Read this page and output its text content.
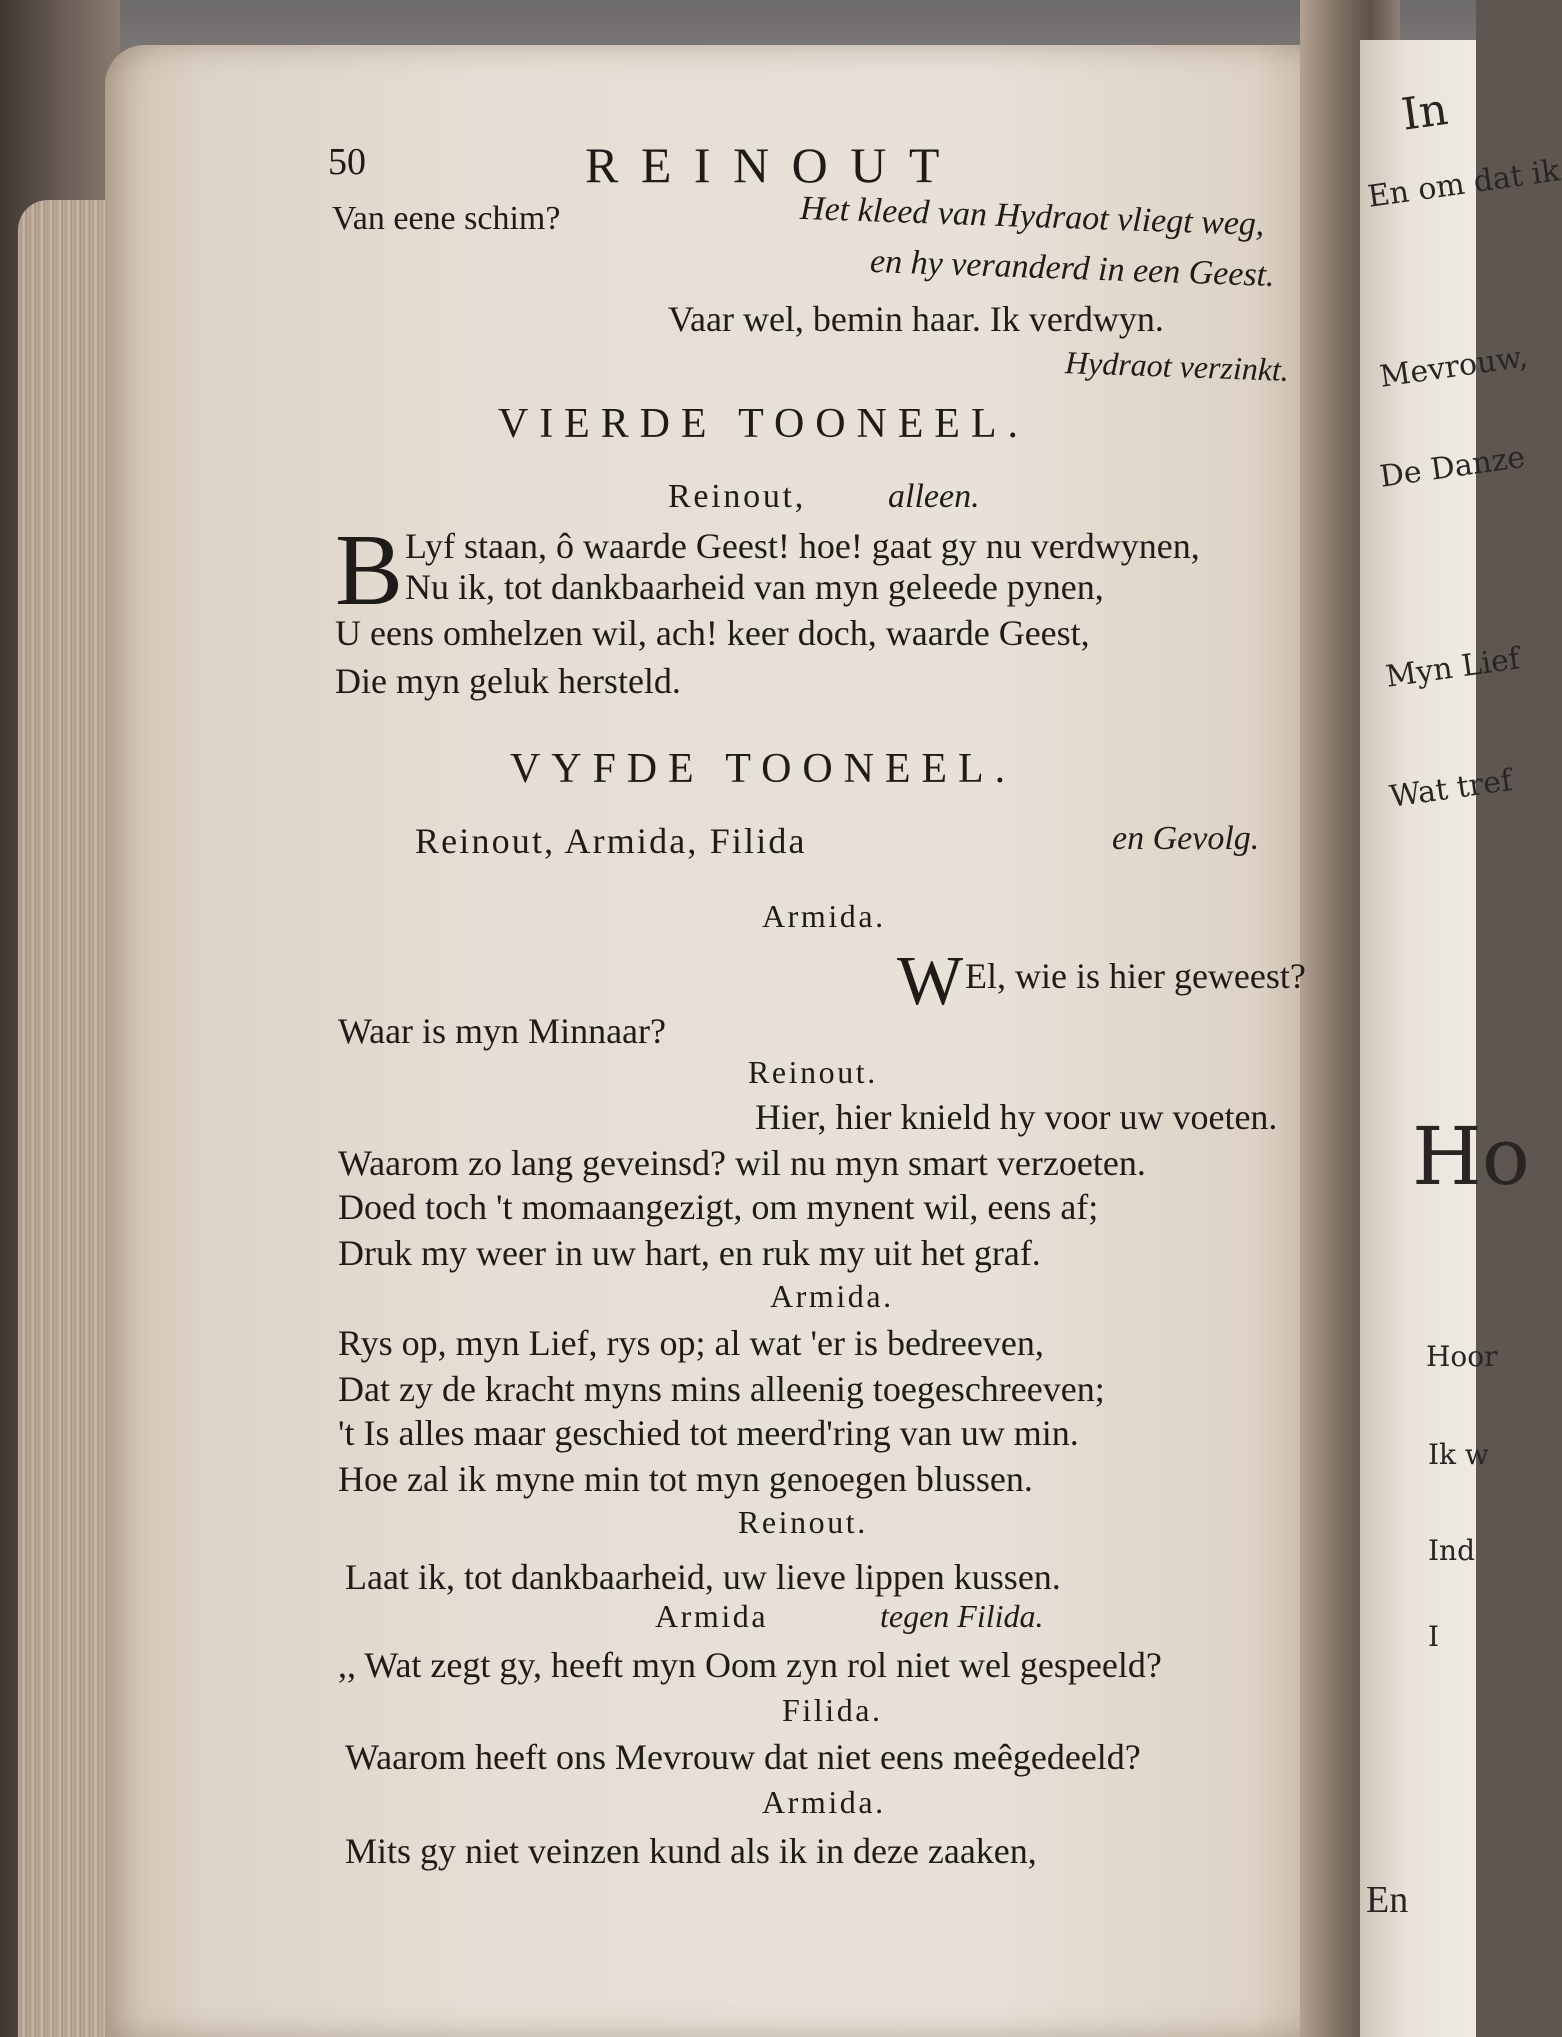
In
En om dat ik
Mevrouw,
De Danze
Myn Lief
Wat tref
Ho
Hoor
Ik w
Ind
I
50	REINOUT
Van eene schim?	Het kleed van Hydraot vliegt weg,
en hy veranderd in een Geest.
Vaar wel, bemin haar. Ik verdwyn.
Hydraot verzinkt.
VIERDE TOONEEL.
Reinout, alleen.
B Lyf staan, ô waarde Geest! hoe! gaat gy nu verdwynen,
Nu ik, tot dankbaarheid van myn geleede pynen,
U eens omhelzen wil, ach! keer doch, waarde Geest,
Die myn geluk hersteld.
VYFDE TOONEEL.
Reinout, Armida, Filida	en Gevolg.
Armida.
W El, wie is hier geweest?
Waar is myn Minnaar?
Reinout.
Hier, hier knield hy voor uw voeten.
Waarom zo lang geveinsd? wil nu myn smart verzoeten.
Doed toch 't momaangezigt, om mynent wil, eens af;
Druk my weer in uw hart, en ruk my uit het graf.
Armida.
Rys op, myn Lief, rys op; al wat 'er is bedreeven,
Dat zy de kracht myns mins alleenig toegeschreeven;
't Is alles maar geschied tot meerd'ring van uw min.
Hoe zal ik myne min tot myn genoegen blussen.
Reinout.
Laat ik, tot dankbaarheid, uw lieve lippen kussen.
Armida	tegen Filida.
,, Wat zegt gy, heeft myn Oom zyn rol niet wel gespeeld?
Filida.
Waarom heeft ons Mevrouw dat niet eens meêgedeeld?
Armida.
Mits gy niet veinzen kund als ik in deze zaaken,
En
